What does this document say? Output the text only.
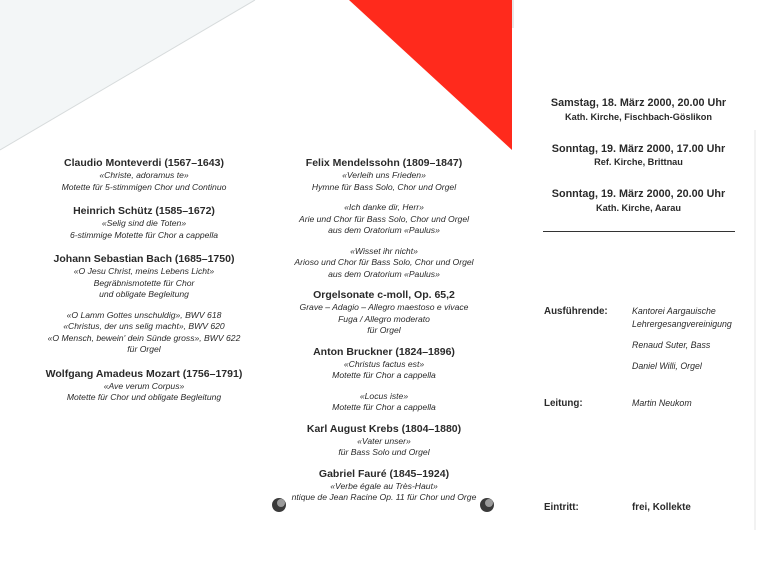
Claudio Monteverdi (1567–1643)
«Christe, adoramus te»
Motette für 5-stimmigen Chor und Continuo
Heinrich Schütz (1585–1672)
«Selig sind die Toten»
6-stimmige Motette für Chor a cappella
Johann Sebastian Bach (1685–1750)
«O Jesu Christ, meins Lebens Licht»
Begräbnismotette für Chor
und obligate Begleitung
«O Lamm Gottes unschuldig», BWV 618
«Christus, der uns selig macht», BWV 620
«O Mensch, bewein' dein Sünde gross», BWV 622
für Orgel
Wolfgang Amadeus Mozart (1756–1791)
«Ave verum Corpus»
Motette für Chor und obligate Begleitung
Felix Mendelssohn (1809–1847)
«Verleih uns Frieden»
Hymne für Bass Solo, Chor und Orgel
«Ich danke dir, Herr»
Arie und Chor für Bass Solo, Chor und Orgel
aus dem Oratorium «Paulus»
«Wisset ihr nicht»
Arioso und Chor für Bass Solo, Chor und Orgel
aus dem Oratorium «Paulus»
Orgelsonate c-moll, Op. 65,2
Grave – Adagio – Allegro maestoso e vivace
Fuga / Allegro moderato
für Orgel
Anton Bruckner (1824–1896)
«Christus factus est»
Motette für Chor a cappella
«Locus iste»
Motette für Chor a cappella
Karl August Krebs (1804–1880)
«Vater unser»
für Bass Solo und Orgel
Gabriel Fauré (1845–1924)
«Verbe égale au Très-Haut»
ntique de Jean Racine Op. 11 für Chor und Orge
Samstag, 18. März 2000, 20.00 Uhr
Kath. Kirche, Fischbach-Göslikon
Sonntag, 19. März 2000, 17.00 Uhr
Ref. Kirche, Brittnau
Sonntag, 19. März 2000, 20.00 Uhr
Kath. Kirche, Aarau
Ausführende:	Kantorei Aargauische
Lehrergesangvereinigung
Renaud Suter, Bass
Daniel Willi, Orgel
Leitung:	Martin Neukom
Eintritt:	frei, Kollekte
